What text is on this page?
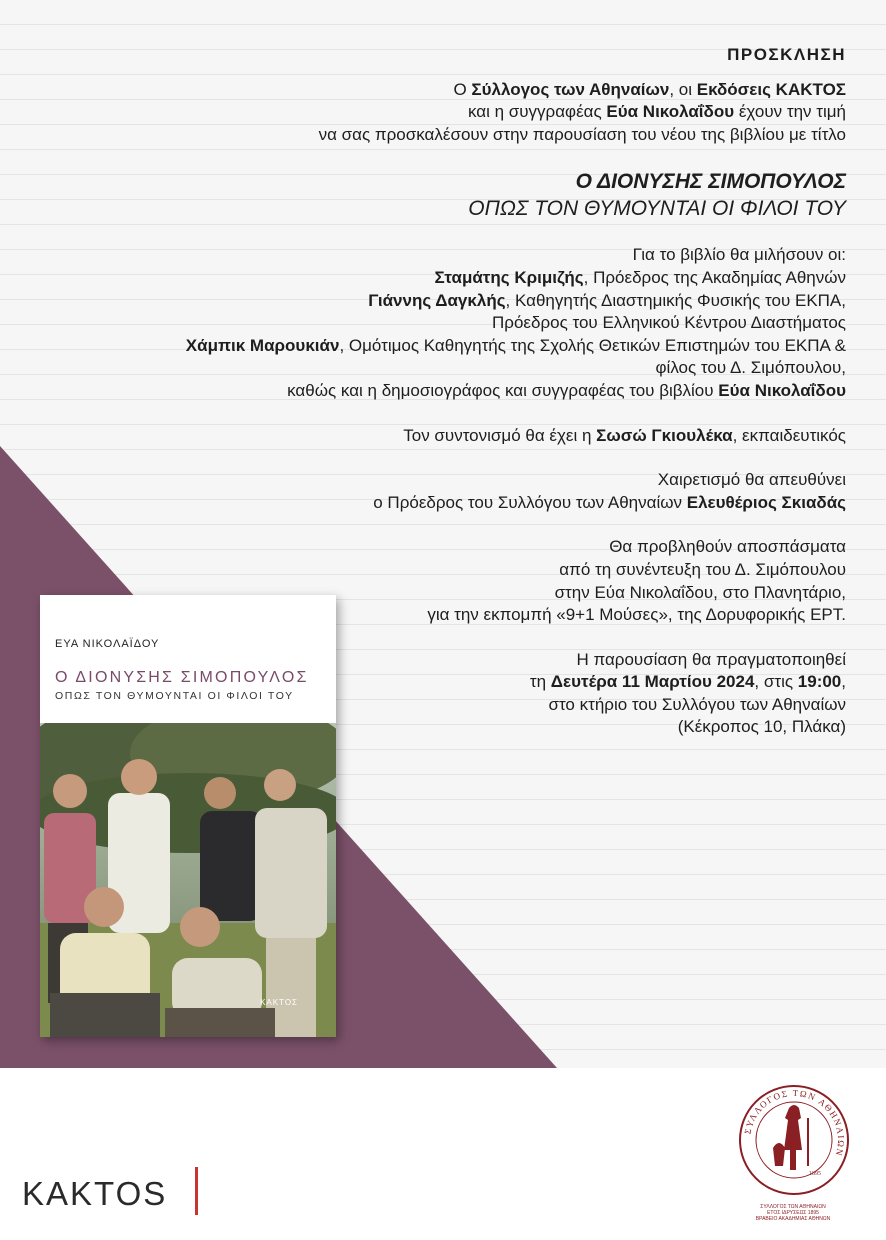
ΠΡΟΣΚΛΗΣΗ

Ο Σύλλογος των Αθηναίων, οι Εκδόσεις ΚΑΚΤΟΣ

και η συγγραφέας Εύα Νικολαΐδου έχουν την τιμή

να σας προσκαλέσουν στην παρουσίαση του νέου της βιβλίου με τίτλο

Ο ΔΙΟΝΥΣΗΣ ΣΙΜΟΠΟΥΛΟΣ

ΟΠΩΣ ΤΟΝ ΘΥΜΟΥΝΤΑΙ ΟΙ ΦΙΛΟΙ ΤΟΥ

Για το βιβλίο θα μιλήσουν οι:

Σταμάτης Κριμιζής, Πρόεδρος της Ακαδημίας Αθηνών

Γιάννης Δαγκλής, Καθηγητής Διαστημικής Φυσικής του ΕΚΠΑ,

Πρόεδρος του Ελληνικού Κέντρου Διαστήματος

Χάμπικ Μαρουκιάν, Ομότιμος Καθηγητής της Σχολής Θετικών Επιστημών του ΕΚΠΑ &

φίλος του Δ. Σιμόπουλου,

καθώς και η δημοσιογράφος και συγγραφέας του βιβλίου Εύα Νικολαΐδου

Τον συντονισμό θα έχει η Σωσώ Γκιουλέκα, εκπαιδευτικός

Χαιρετισμό θα απευθύνει

ο Πρόεδρος του Συλλόγου των Αθηναίων Ελευθέριος Σκιαδάς

Θα προβληθούν αποσπάσματα

από τη συνέντευξη του Δ. Σιμόπουλου

στην Εύα Νικολαΐδου, στο Πλανητάριο,

για την εκπομπή «9+1 Μούσες», της Δορυφορικής ΕΡΤ.

Η παρουσίαση θα πραγματοποιηθεί

τη Δευτέρα 11 Μαρτίου 2024, στις 19:00,

στο κτήριο του Συλλόγου των Αθηναίων

(Κέκροπος 10, Πλάκα)

ΕΥΑ ΝΙΚΟΛΑΪΔΟΥ
Ο ΔΙΟΝΥΣΗΣ ΣΙΜΟΠΟΥΛΟΣ
ΟΠΩΣ ΤΟΝ ΘΥΜΟΥΝΤΑΙ ΟΙ ΦΙΛΟΙ ΤΟΥ
ΚΑΚΤΟΣ
KAKTOS
ΣΥΛΛΟΓΟΣ ΤΩΝ ΑΘΗΝΑΙΩΝ
1895
ΣΥΛΛΟΓΟΣ ΤΩΝ ΑΘΗΝΑΙΩΝ
ΕΤΟΣ ΙΔΡΥΣΕΩΣ 1895
ΒΡΑΒΕΙΟ ΑΚΑΔΗΜΙΑΣ ΑΘΗΝΩΝ
